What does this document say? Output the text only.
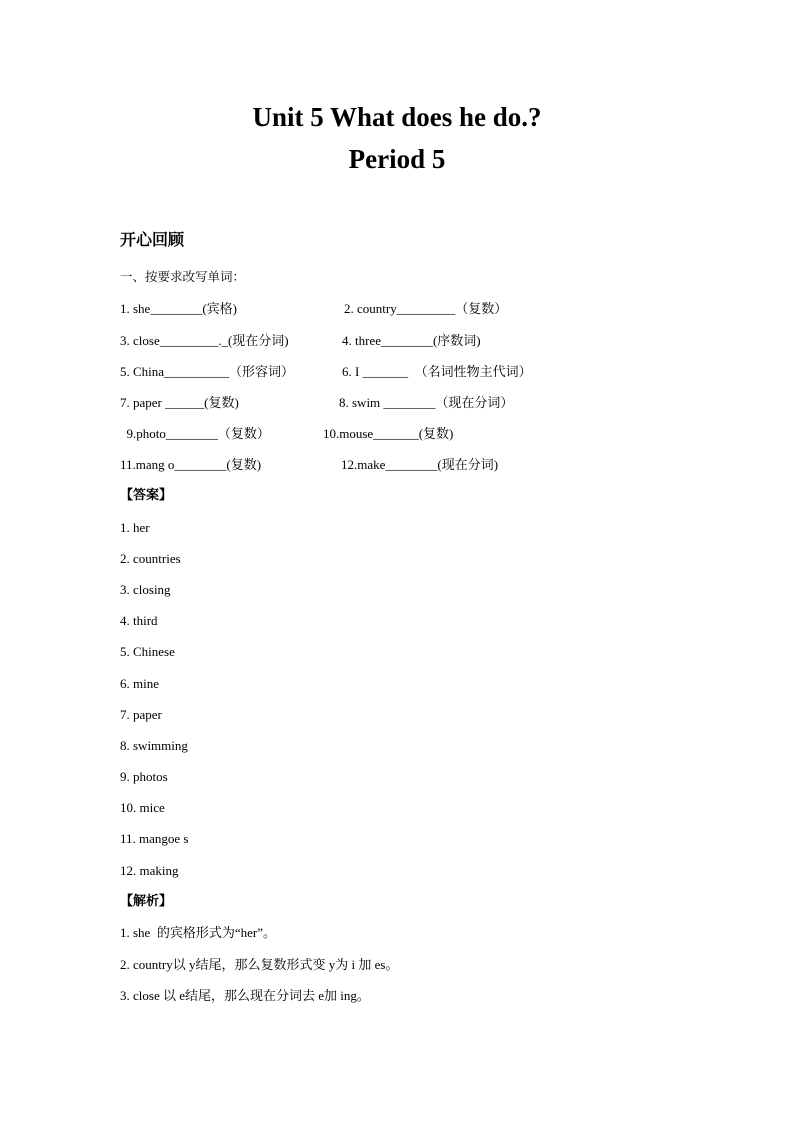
Unit 5 What does he do.?
Period 5
开心回顾
一、按要求改写单词：
1. she________(宾格)	2. country_________（复数）
3. close_________._(现在分词)	4. three________(序数词)
5. China__________（形容词）	6. I _______  （名词性物主代词）
7. paper ______(复数)	8. swim ________（现在分词）
9.photo________（复数）	10.mouse_______(复数)
11.mang o________(复数)	12.make________(现在分词)
【答案】
1. her
2. countries
3. closing
4. third
5. Chinese
6. mine
7. paper
8. swimming
9. photos
10. mice
11. mangoe s
12. making
【解析】
1. she  的宾格形式为“her”。
2. country以 y结尾，那么复数形式变 y为 i 加 es。
3. close 以 e结尾，那么现在分词去 e加 ing。
